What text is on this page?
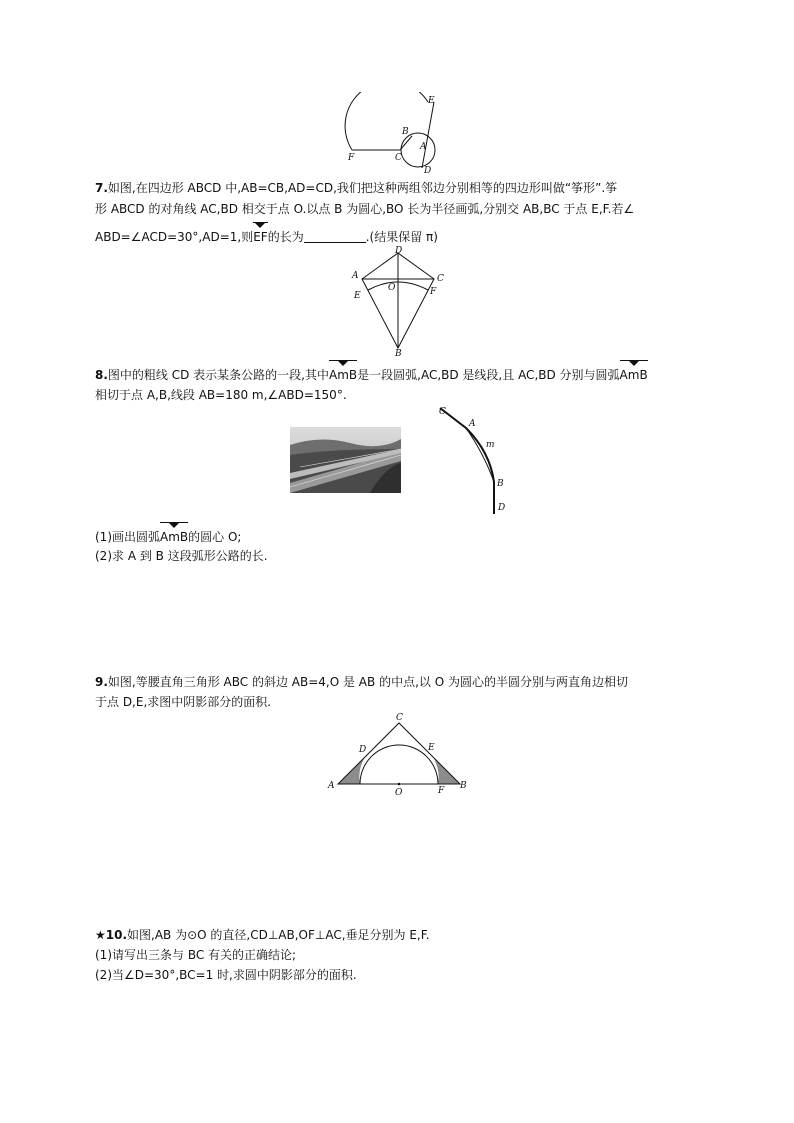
E
B
A
F	C
D
7.如图,在四边形 ABCD 中,AB=CB,AD=CD,我们把这种两组邻边分别相等的四边形叫做“筝形”.筝
形 ABCD 的对角线 AC,BD 相交于点 O.以点 B 为圆心,BO 长为半径画弧,分别交 AB,BC 于点 E,F.若∠
ABD=∠ACD=30°,AD=1,则EF的长为	.(结果保留 π)
D
A	C
O
E	F
B
8.图中的粗线 CD 表示某条公路的一段,其中AmB是一段圆弧,AC,BD 是线段,且 AC,BD 分别与圆弧AmB
相切于点 A,B,线段 AB=180 m,∠ABD=150°.
C
A
m
B
D
(1)画出圆弧AmB的圆心 O;
(2)求 A 到 B 这段弧形公路的长.
9.如图,等腰直角三角形 ABC 的斜边 AB=4,O 是 AB 的中点,以 O 为圆心的半圆分别与两直角边相切
于点 D,E,求图中阴影部分的面积.
C
D	E
A
O	F B
★10.如图,AB 为⊙O 的直径,CD⊥AB,OF⊥AC,垂足分别为 E,F.
(1)请写出三条与 BC 有关的正确结论;
(2)当∠D=30°,BC=1 时,求圆中阴影部分的面积.
